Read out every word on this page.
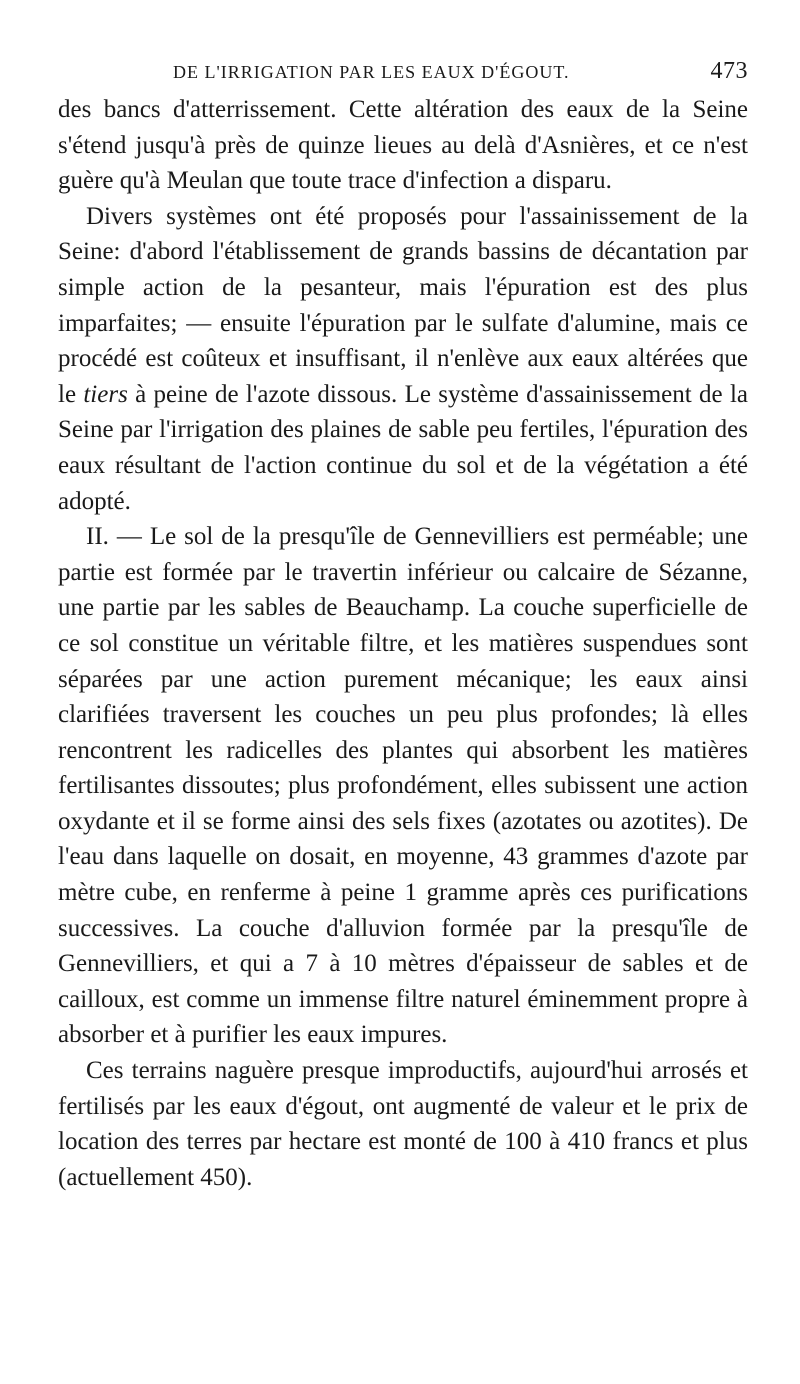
DE L'IRRIGATION PAR LES EAUX D'ÉGOUT.	473

des bancs d'atterrissement. Cette altération des eaux de la Seine s'étend jusqu'à près de quinze lieues au delà d'Asnières, et ce n'est guère qu'à Meulan que toute trace d'infection a disparu.

Divers systèmes ont été proposés pour l'assainissement de la Seine: d'abord l'établissement de grands bassins de décantation par simple action de la pesanteur, mais l'épuration est des plus imparfaites; — ensuite l'épuration par le sulfate d'alumine, mais ce procédé est coûteux et insuffisant, il n'enlève aux eaux altérées que le tiers à peine de l'azote dissous. Le système d'assainissement de la Seine par l'irrigation des plaines de sable peu fertiles, l'épuration des eaux résultant de l'action continue du sol et de la végétation a été adopté.

II. — Le sol de la presqu'île de Gennevilliers est perméable; une partie est formée par le travertin inférieur ou calcaire de Sézanne, une partie par les sables de Beauchamp. La couche superficielle de ce sol constitue un véritable filtre, et les matières suspendues sont séparées par une action purement mécanique; les eaux ainsi clarifiées traversent les couches un peu plus profondes; là elles rencontrent les radicelles des plantes qui absorbent les matières fertilisantes dissoutes; plus profondément, elles subissent une action oxydante et il se forme ainsi des sels fixes (azotates ou azotites). De l'eau dans laquelle on dosait, en moyenne, 43 grammes d'azote par mètre cube, en renferme à peine 1 gramme après ces purifications successives. La couche d'alluvion formée par la presqu'île de Gennevilliers, et qui a 7 à 10 mètres d'épaisseur de sables et de cailloux, est comme un immense filtre naturel éminemment propre à absorber et à purifier les eaux impures.

Ces terrains naguère presque improductifs, aujourd'hui arrosés et fertilisés par les eaux d'égout, ont augmenté de valeur et le prix de location des terres par hectare est monté de 100 à 410 francs et plus (actuellement 450).
